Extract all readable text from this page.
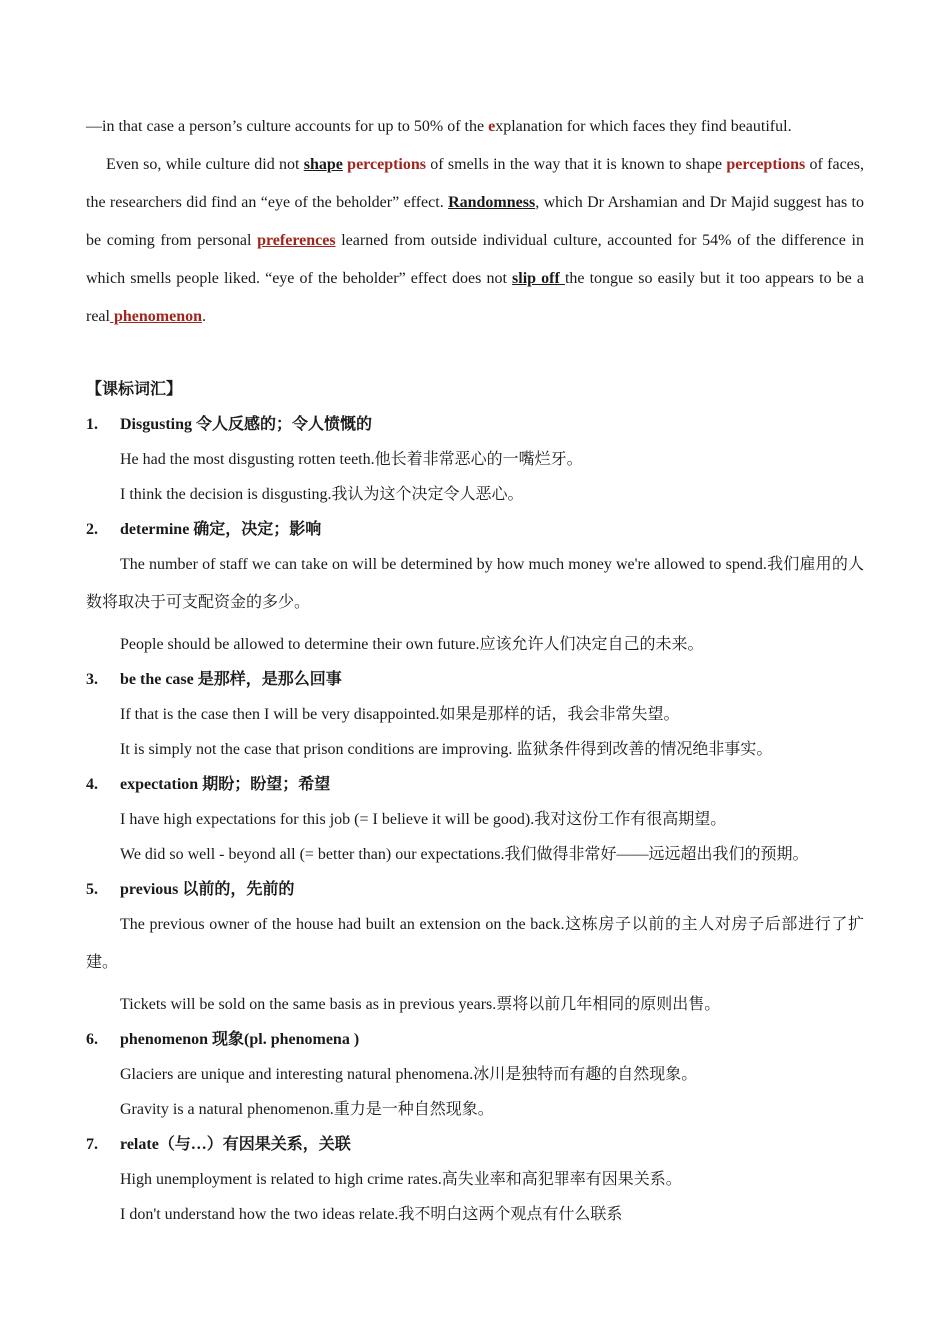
—in that case a person’s culture accounts for up to 50% of the explanation for which faces they find beautiful.

Even so, while culture did not shape perceptions of smells in the way that it is known to shape perceptions of faces, the researchers did find an “eye of the beholder” effect. Randomness, which Dr Arshamian and Dr Majid suggest has to be coming from personal preferences learned from outside individual culture, accounted for 54% of the difference in which smells people liked. “eye of the beholder” effect does not slip off the tongue so easily but it too appears to be a real phenomenon.

【课标词汇】
1.	Disgusting 令人反感的；令人愤慨的

He had the most disgusting rotten teeth.他长着非常恶心的一嘴烂牙。

I think the decision is disgusting.我认为这个决定令人恶心。

2.	determine 确定，决定；影响

The number of staff we can take on will be determined by how much money we're allowed to spend.我们雇用的人数将取决于可支配资金的多少。

People should be allowed to determine their own future.应该允许人们决定自己的未来。

3.	be the case 是那样，是那么回事

If that is the case then I will be very disappointed.如果是那样的话，我会非常失望。

It is simply not the case that prison conditions are improving. 监狱条件得到改善的情况绝非事实。

4.	expectation 期盼；盼望；希望

I have high expectations for this job (= I believe it will be good).我对这份工作有很高期望。

We did so well - beyond all (= better than) our expectations.我们做得非常好——远远超出我们的预期。

5.	previous 以前的，先前的

The previous owner of the house had built an extension on the back.这栋房子以前的主人对房子后部进行了扩建。

Tickets will be sold on the same basis as in previous years.票将以前几年相同的原则出售。

6.	phenomenon 现象(pl. phenomena )

Glaciers are unique and interesting natural phenomena.冰川是独特而有趣的自然现象。

Gravity is a natural phenomenon.重力是一种自然现象。

7.	relate（与…）有因果关系，关联

High unemployment is related to high crime rates.高失业率和高犯罪率有因果关系。

I don't understand how the two ideas relate.我不明白这两个观点有什么联系
